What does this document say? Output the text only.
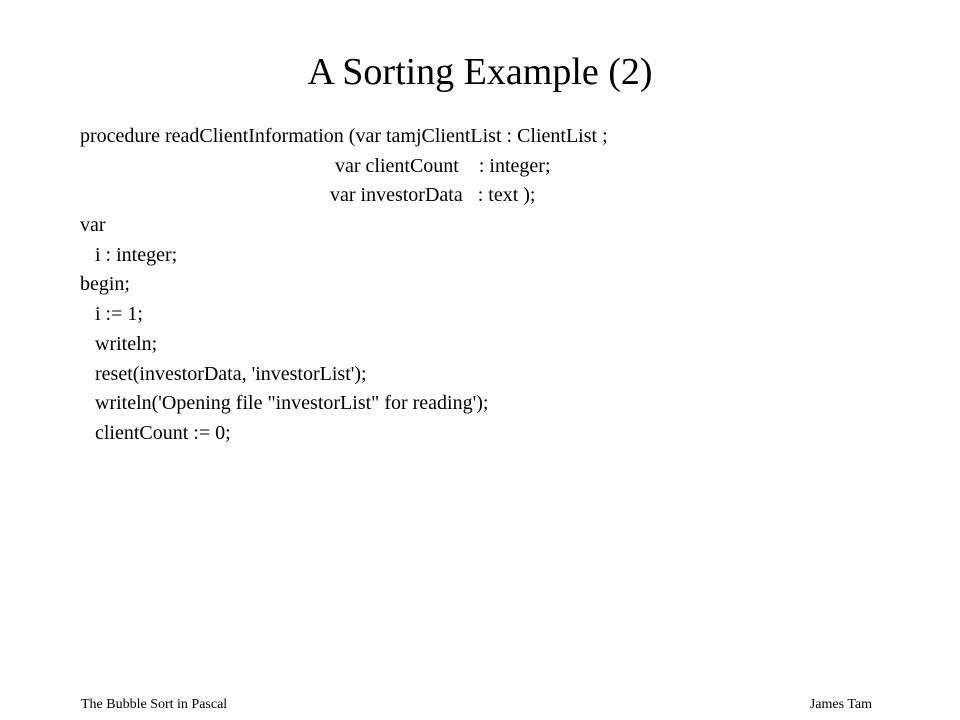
A Sorting Example (2)
procedure readClientInformation (var tamjClientList : ClientList ;
var clientCount    : integer;
var investorData   : text );
var
i : integer;
begin;
i := 1;
writeln;
reset(investorData, 'investorList');
writeln('Opening file "investorList" for reading');
clientCount := 0;
The Bubble Sort in Pascal	James Tam
